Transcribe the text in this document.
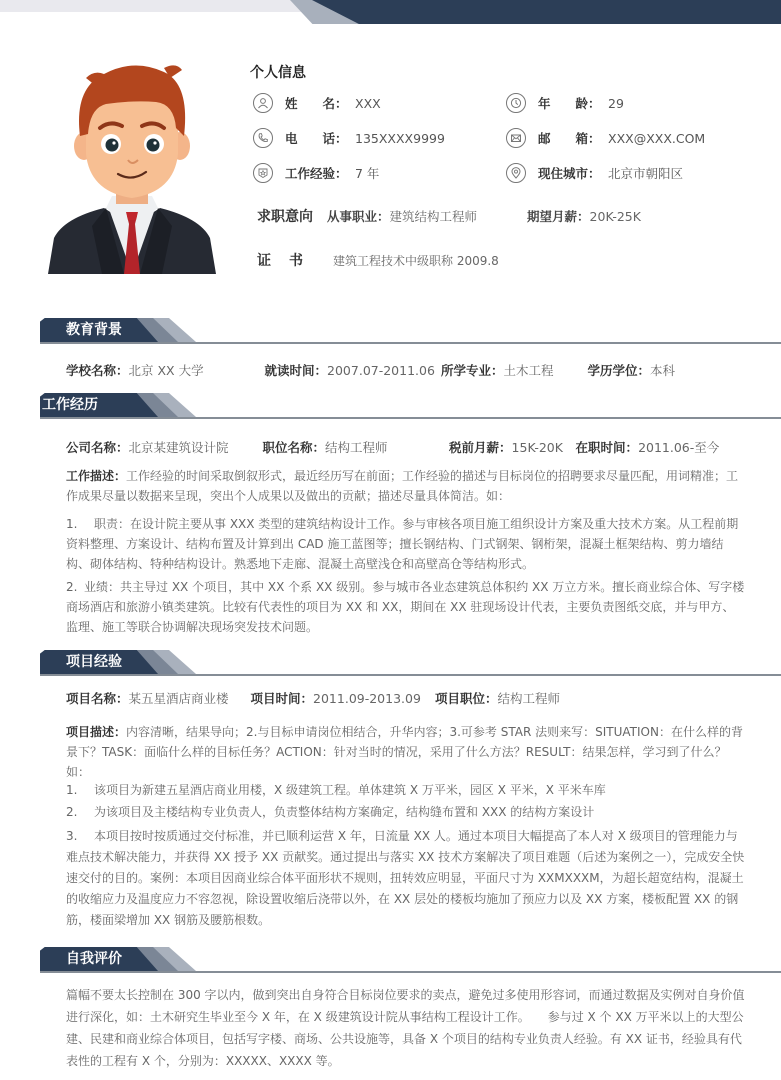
个人信息
姓　　名： XXX	年　　龄： 29
电　　话： 135XXXX9999	邮　　箱： XXX@XXX.COM
工作经验： 7 年	现住城市： 北京市朝阳区
求职意向 从事职业： 建筑结构工程师	期望月薪： 20K-25K
证书	建筑工程技术中级职称 2009.8
教育背景
学校名称： 北京 XX 大学	就读时间： 2007.07-2011.06 所学专业： 土木工程	学历学位： 本科
工作经历
公司名称： 北京某建筑设计院	职位名称： 结构工程师	税前月薪： 15K-20K	在职时间： 2011.06-至今
工作描述：工作经验的时间采取倒叙形式，最近经历写在前面；工作经验的描述与目标岗位的招聘要求尽量匹配，用词精准；工作成果尽量以数据来呈现，突出个人成果以及做出的贡献；描述尽量具体简洁。如：
1. 职责：在设计院主要从事 XXX 类型的建筑结构设计工作。参与审核各项目施工组织设计方案及重大技术方案。从工程前期资料整理、方案设计、结构布置及计算到出 CAD 施工蓝图等；擅长钢结构、门式钢架、钢桁架，混凝土框架结构、剪力墙结构、砌体结构、特种结构设计。熟悉地下走廊、混凝土高壁浅仓和高壁高仓等结构形式。
2. 业绩：共主导过 XX 个项目，其中 XX 个系 XX 级别。参与城市各业态建筑总体积约 XX 万立方米。擅长商业综合体、写字楼商场酒店和旅游小镇类建筑。比较有代表性的项目为 XX 和 XX，期间在 XX 驻现场设计代表，主要负责图纸交底，并与甲方、监理、施工等联合协调解决现场突发技术问题。
项目经验
项目名称： 某五星酒店商业楼	项目时间： 2011.09-2013.09	项目职位： 结构工程师
项目描述：内容清晰，结果导向；2.与目标申请岗位相结合，升华内容；3.可参考 STAR 法则来写：SITUATION：在什么样的背景下？TASK：面临什么样的目标任务？ACTION：针对当时的情况，采用了什么方法？RESULT：结果怎样，学习到了什么？如：
1. 该项目为新建五星酒店商业用楼，X 级建筑工程。单体建筑 X 万平米，园区 X 平米，X 平米车库
2. 为该项目及主楼结构专业负责人，负责整体结构方案确定，结构缝布置和 XXX 的结构方案设计
3. 本项目按时按质通过交付标准，并已顺利运营 X 年，日流量 XX 人。通过本项目大幅提高了本人对 X 级项目的管理能力与难点技术解决能力，并获得 XX 授予 XX 贡献奖。通过提出与落实 XX 技术方案解决了项目难题（后述为案例之一），完成安全快速交付的目的。案例：本项目因商业综合体平面形状不规则，扭转效应明显，平面尺寸为 XXMXXXM，为超长超宽结构，混凝土的收缩应力及温度应力不容忽视，除设置收缩后浇带以外，在 XX 层处的楼板均施加了预应力以及 XX 方案，楼板配置 XX 的钢筋，楼面梁增加 XX 钢筋及腰筋根数。
自我评价
篇幅不要太长控制在 300 字以内，做到突出自身符合目标岗位要求的卖点，避免过多使用形容词，而通过数据及实例对自身价值进行深化，如：土木研究生毕业至今 X 年，在 X 级建筑设计院从事结构工程设计工作。　　参与过 X 个 XX 万平米以上的大型公建、民建和商业综合体项目，包括写字楼、商场、公共设施等，具备 X 个项目的结构专业负责人经验。有 XX 证书，经验具有代表性的工程有 X 个，分别为：XXXXX、XXXX 等。
